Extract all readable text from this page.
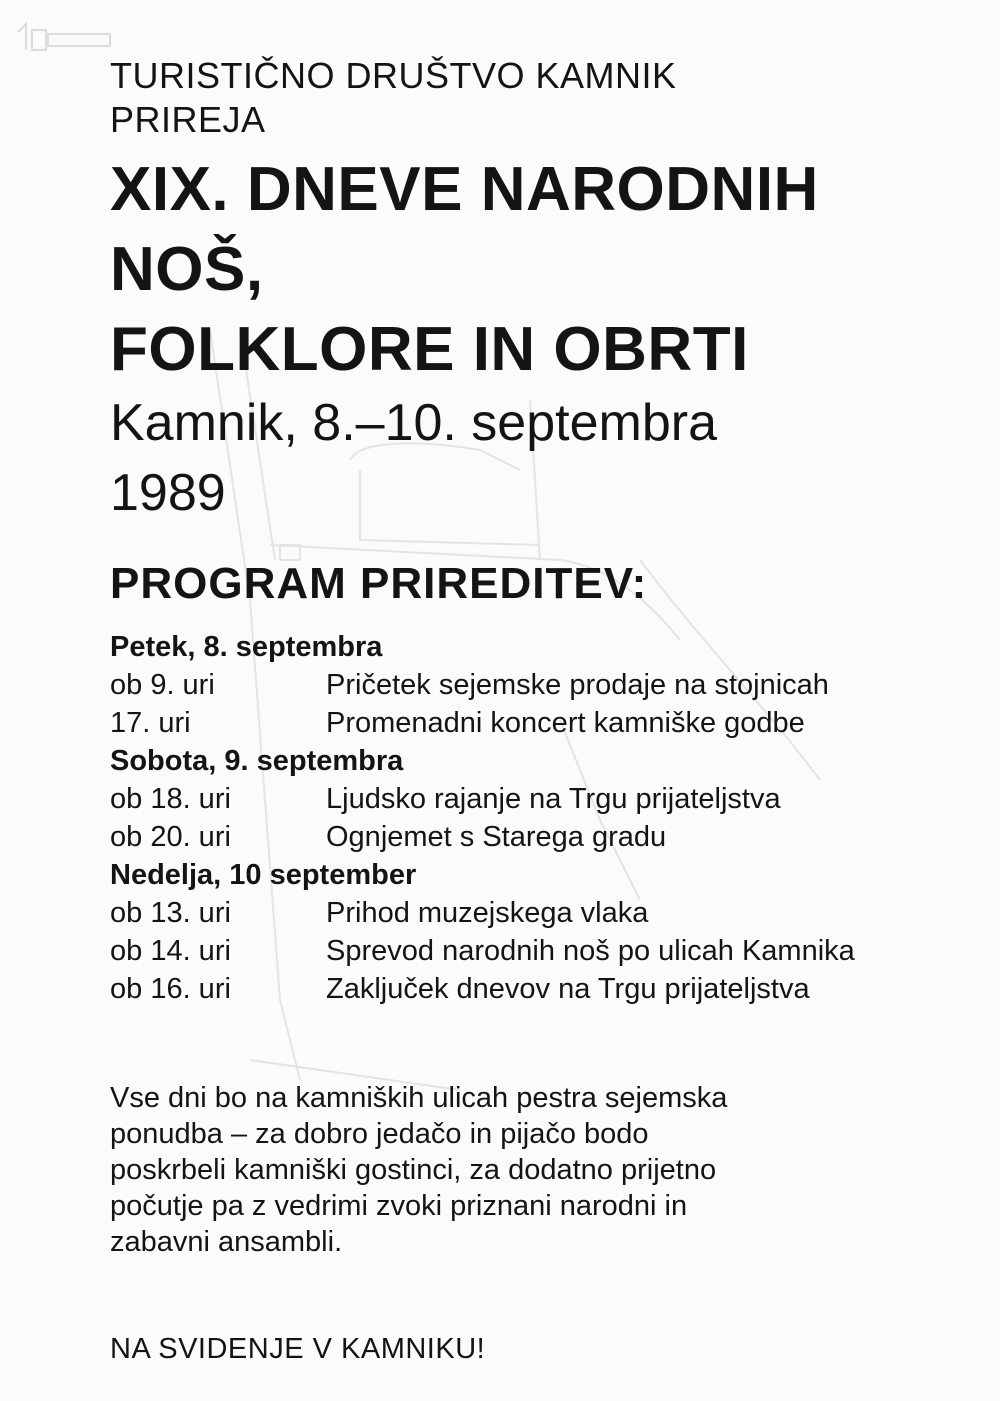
TURISTIČNO DRUŠTVO KAMNIK
PRIREJA
XIX. DNEVE NARODNIH
NOŠ,
FOLKLORE IN OBRTI
Kamnik, 8.–10. septembra
1989
PROGRAM PRIREDITEV:
Petek, 8. septembra
ob 9. uri	Pričetek sejemske prodaje na stojnicah
17. uri	Promenadni koncert kamniške godbe
Sobota, 9. septembra
ob 18. uri	Ljudsko rajanje na Trgu prijateljstva
ob 20. uri	Ognjemet s Starega gradu
Nedelja, 10 september
ob 13. uri	Prihod muzejskega vlaka
ob 14. uri	Sprevod narodnih noš po ulicah Kamnika
ob 16. uri	Zaključek dnevov na Trgu prijateljstva
Vse dni bo na kamniških ulicah pestra sejemska
ponudba – za dobro jedačo in pijačo bodo
poskrbeli kamniški gostinci, za dodatno prijetno
počutje pa z vedrimi zvoki priznani narodni in
zabavni ansambli.
NA SVIDENJE V KAMNIKU!
